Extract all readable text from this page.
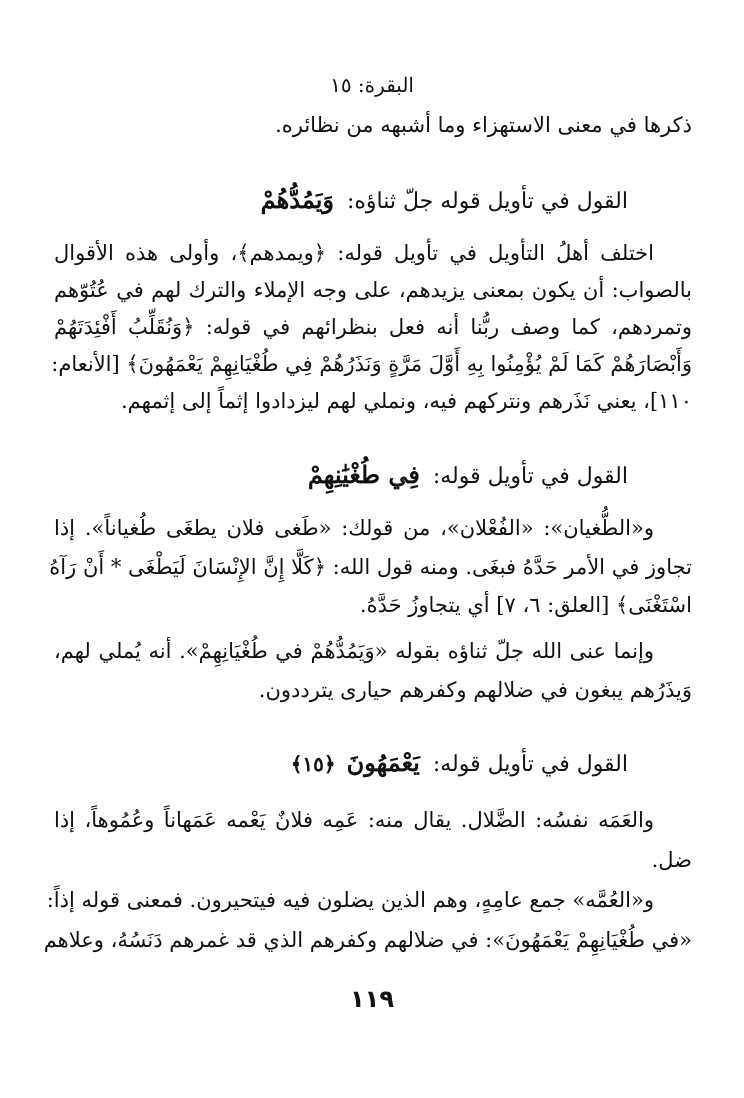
البقرة: ١٥
ذكرها في معنى الاستهزاء وما أشبهه من نظائره.
القول في تأويل قوله جلّ ثناؤه: وَيَمُدُّهُمْ
اختلف أهلُ التأويل في تأويل قوله: ﴿ويمدهم﴾، وأولى هذه الأقوال
بالصواب: أن يكون بمعنى يزيدهم، على وجه الإملاء والترك لهم في عُتُوّهم
وتمردهم، كما وصف ربُّنا أنه فعل بنظرائهم في قوله: ﴿وَنُقَلِّبُ أَفْئِدَتَهُمْ
وَأَبْصَارَهُمْ كَمَا لَمْ يُؤْمِنُوا بِهِ أَوَّلَ مَرَّةٍ وَنَذَرُهُمْ فِي طُغْيَانِهِمْ يَعْمَهُونَ﴾ [الأنعام:
١١٠]، يعني نَذَرهم ونتركهم فيه، ونملي لهم ليزدادوا إثماً إلى إثمهم.
القول في تأويل قوله: فِي طُغْيَٰنِهِمْ
و«الطُّغيان»: «الفُعْلان»، من قولك: «طَغى فلان يطغَى طُغياناً». إذا
تجاوز في الأمر حَدَّهُ فبغَى. ومنه قول الله: ﴿كَلَّا إِنَّ الإِنْسَانَ لَيَطْغَى * أَنْ رَآهُ
اسْتَغْنَى﴾ [العلق: ٦، ٧] أي يتجاوزُ حَدَّهُ.
وإنما عنى الله جلّ ثناؤه بقوله «وَيَمُدُّهُمْ في طُغْيَانِهِمْ». أنه يُملي لهم،
وَيذَرُهم يبغون في ضلالهم وكفرهم حيارى يترددون.
القول في تأويل قوله: يَعْمَهُونَ ﴿١٥﴾
والعَمَه نفسُه: الضَّلال. يقال منه: عَمِه فلانٌ يَعْمه عَمَهاناً وعُمُوهاً، إذا
ضل.
و«العُمَّه» جمع عامِهٍ، وهم الذين يضلون فيه فيتحيرون. فمعنى قوله إذاً:
«في طُغْيَانِهِمْ يَعْمَهُونَ»: في ضلالهم وكفرهم الذي قد غمرهم دَنَسُهُ، وعلاهم
١١٩
